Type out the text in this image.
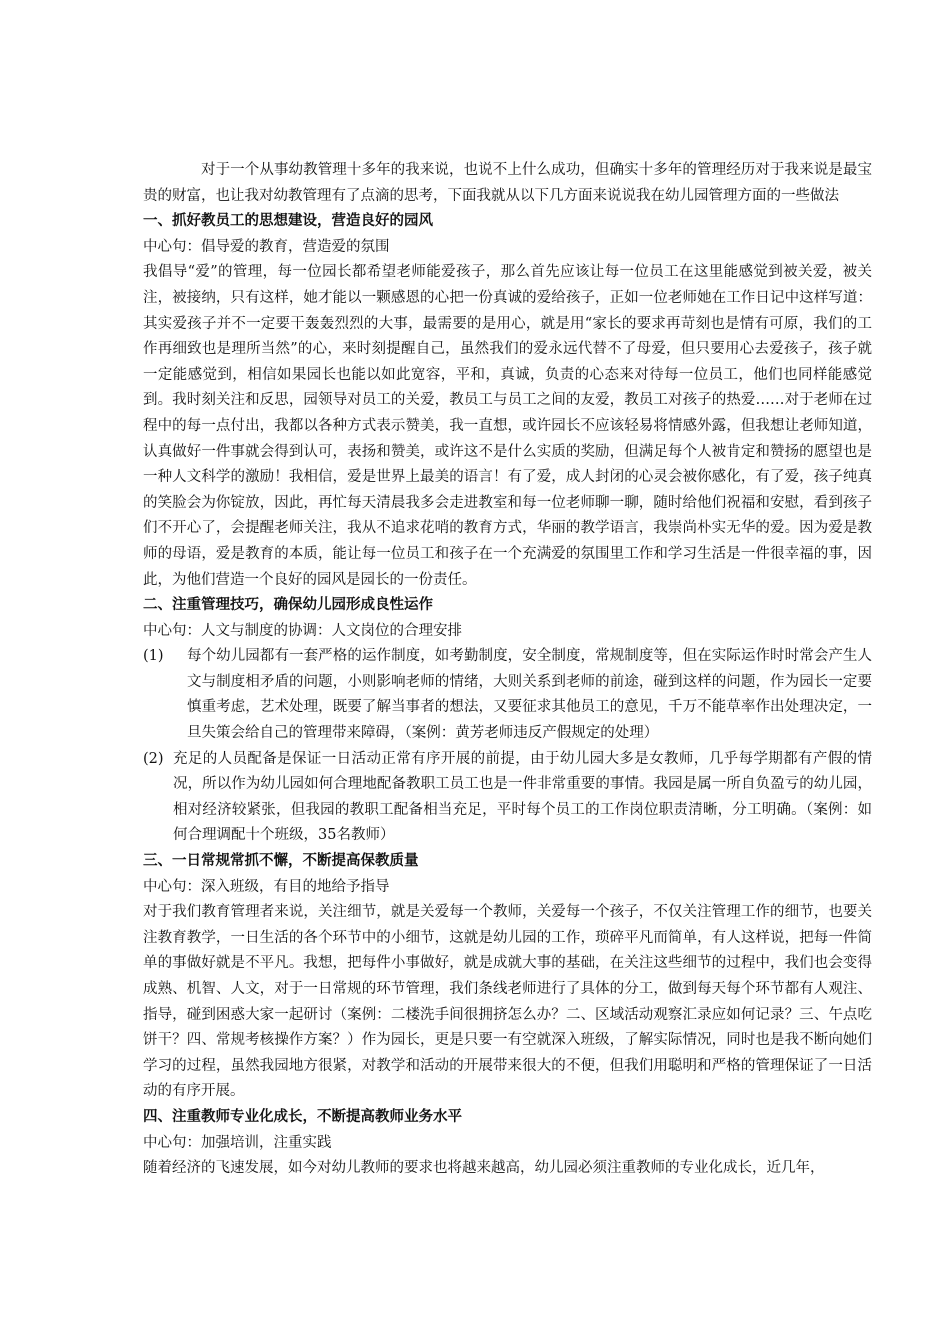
对于一个从事幼教管理十多年的我来说，也说不上什么成功，但确实十多年的管理经历对于我来说是最宝贵的财富，也让我对幼教管理有了点滴的思考，下面我就从以下几方面来说说我在幼儿园管理方面的一些做法

一、抓好教员工的思想建设，营造良好的园风

中心句：倡导爱的教育，营造爱的氛围

我倡导“爱”的管理，每一位园长都希望老师能爱孩子，那么首先应该让每一位员工在这里能感觉到被关爱，被关注，被接纳，只有这样，她才能以一颗感恩的心把一份真诚的爱给孩子，正如一位老师她在工作日记中这样写道：其实爱孩子并不一定要干轰轰烈烈的大事，最需要的是用心，就是用“家长的要求再苛刻也是情有可原，我们的工作再细致也是理所当然”的心，来时刻提醒自己，虽然我们的爱永远代替不了母爱，但只要用心去爱孩子，孩子就一定能感觉到，相信如果园长也能以如此宽容，平和，真诚，负责的心态来对待每一位员工，他们也同样能感觉到。我时刻关注和反思，园领导对员工的关爱，教员工与员工之间的友爱，教员工对孩子的热爱……对于老师在过程中的每一点付出，我都以各种方式表示赞美，我一直想，或许园长不应该轻易将情感外露，但我想让老师知道，认真做好一件事就会得到认可，表扬和赞美，或许这不是什么实质的奖励，但满足每个人被肯定和赞扬的愿望也是一种人文科学的激励！我相信，爱是世界上最美的语言！有了爱，成人封闭的心灵会被你感化，有了爱，孩子纯真的笑脸会为你锭放，因此，再忙每天清晨我多会走进教室和每一位老师聊一聊，随时给他们祝福和安慰，看到孩子们不开心了，会提醒老师关注，我从不追求花哨的教育方式，华丽的教学语言，我崇尚朴实无华的爱。因为爱是教师的母语，爱是教育的本质，能让每一位员工和孩子在一个充满爱的氛围里工作和学习生活是一件很幸福的事，因此，为他们营造一个良好的园风是园长的一份责任。

二、注重管理技巧，确保幼儿园形成良性运作

中心句：人文与制度的协调：人文岗位的合理安排

(1)	每个幼儿园都有一套严格的运作制度，如考勤制度，安全制度，常规制度等，但在实际运作时时常会产生人文与制度相矛盾的问题，小则影响老师的情绪，大则关系到老师的前途，碰到这样的问题，作为园长一定要慎重考虑，艺术处理，既要了解当事者的想法，又要征求其他员工的意见，千万不能草率作出处理决定，一旦失策会给自己的管理带来障碍，（案例：黄芳老师违反产假规定的处理）
(2) 充足的人员配备是保证一日活动正常有序开展的前提，由于幼儿园大多是女教师，几乎每学期都有产假的情况，所以作为幼儿园如何合理地配备教职工员工也是一件非常重要的事情。我园是属一所自负盈亏的幼儿园，相对经济较紧张，但我园的教职工配备相当充足，平时每个员工的工作岗位职责清晰，分工明确。（案例：如何合理调配十个班级，35名教师）
三、一日常规常抓不懈，不断提高保教质量

中心句：深入班级，有目的地给予指导

对于我们教育管理者来说，关注细节，就是关爱每一个教师，关爱每一个孩子，不仅关注管理工作的细节，也要关注教育教学，一日生活的各个环节中的小细节，这就是幼儿园的工作，琐碎平凡而简单，有人这样说，把每一件简单的事做好就是不平凡。我想，把每件小事做好，就是成就大事的基础，在关注这些细节的过程中，我们也会变得成熟、机智、人文，对于一日常规的环节管理，我们条线老师进行了具体的分工，做到每天每个环节都有人观注、指导，碰到困惑大家一起研讨（案例：二楼洗手间很拥挤怎么办？二、区域活动观察汇录应如何记录？三、午点吃饼干？四、常规考核操作方案？）作为园长，更是只要一有空就深入班级，了解实际情况，同时也是我不断向她们学习的过程，虽然我园地方很紧，对教学和活动的开展带来很大的不便，但我们用聪明和严格的管理保证了一日活动的有序开展。

四、注重教师专业化成长，不断提高教师业务水平

中心句：加强培训，注重实践

随着经济的飞速发展，如今对幼儿教师的要求也将越来越高，幼儿园必须注重教师的专业化成长，近几年，
